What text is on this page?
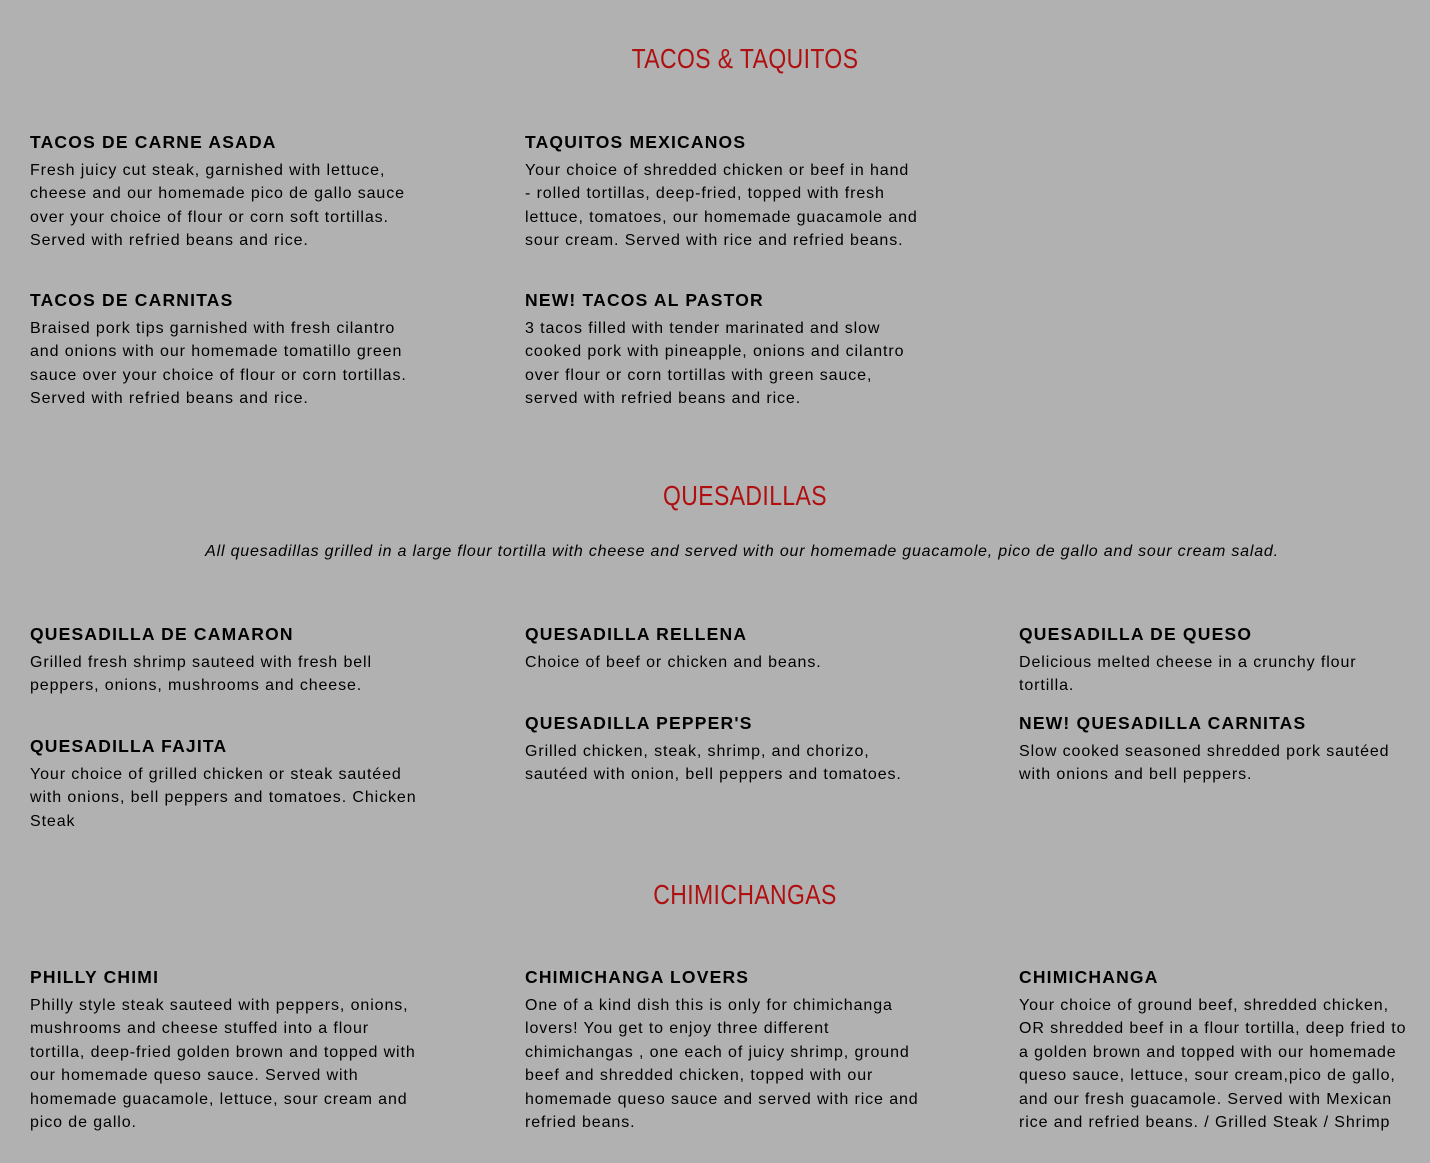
TACOS & TAQUITOS
TACOS DE CARNE ASADA

Fresh juicy cut steak, garnished with lettuce, cheese and our homemade pico de gallo sauce over your choice of flour or corn soft tortillas. Served with refried beans and rice.

TAQUITOS MEXICANOS

Your choice of shredded chicken or beef in hand - rolled tortillas, deep-fried, topped with fresh lettuce, tomatoes, our homemade guacamole and sour cream. Served with rice and refried beans.

TACOS DE CARNITAS

Braised pork tips garnished with fresh cilantro and onions with our homemade tomatillo green sauce over your choice of flour or corn tortillas. Served with refried beans and rice.

NEW! TACOS AL PASTOR

3 tacos filled with tender marinated and slow cooked pork with pineapple, onions and cilantro over flour or corn tortillas with green sauce, served with refried beans and rice.

QUESADILLAS

All quesadillas grilled in a large flour tortilla with cheese and served with our homemade guacamole, pico de gallo and sour cream salad.

QUESADILLA DE CAMARON

Grilled fresh shrimp sauteed with fresh bell peppers, onions, mushrooms and cheese.

QUESADILLA RELLENA

Choice of beef or chicken and beans.

QUESADILLA DE QUESO

Delicious melted cheese in a crunchy flour tortilla.

QUESADILLA FAJITA

Your choice of grilled chicken or steak sautéed with onions, bell peppers and tomatoes. Chicken Steak

QUESADILLA PEPPER'S

Grilled chicken, steak, shrimp, and chorizo, sautéed with onion, bell peppers and tomatoes.

NEW! QUESADILLA CARNITAS

Slow cooked seasoned shredded pork sautéed with onions and bell peppers.

CHIMICHANGAS
PHILLY CHIMI

Philly style steak sauteed with peppers, onions, mushrooms and cheese stuffed into a flour tortilla, deep-fried golden brown and topped with our homemade queso sauce. Served with homemade guacamole, lettuce, sour cream and pico de gallo.

CHIMICHANGA LOVERS

One of a kind dish this is only for chimichanga lovers! You get to enjoy three different chimichangas , one each of juicy shrimp, ground beef and shredded chicken, topped with our homemade queso sauce and served with rice and refried beans.

CHIMICHANGA

Your choice of ground beef, shredded chicken, OR shredded beef in a flour tortilla, deep fried to a golden brown and topped with our homemade queso sauce, lettuce, sour cream,pico de gallo, and our fresh guacamole. Served with Mexican rice and refried beans. / Grilled Steak / Shrimp
